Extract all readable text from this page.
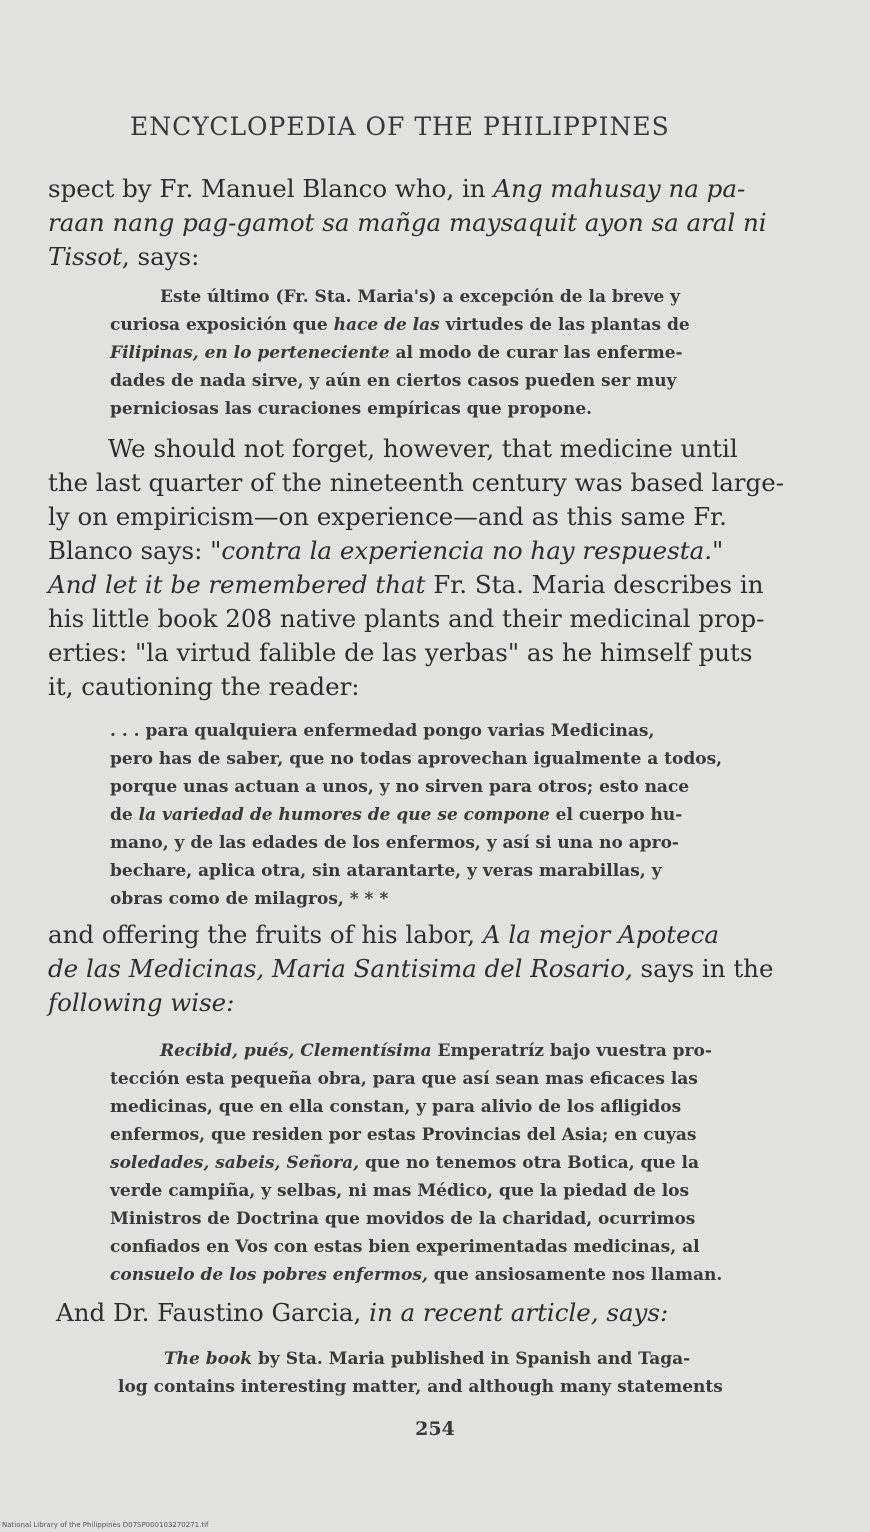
ENCYCLOPEDIA OF THE PHILIPPINES
spect by Fr. Manuel Blanco who, in Ang mahusay na pa-
raan nang pag-gamot sa mañga maysaquit ayon sa aral ni
Tissot, says:
Este último (Fr. Sta. Maria's) a excepción de la breve y
curiosa exposición que hace de las virtudes de las plantas de
Filipinas, en lo perteneciente al modo de curar las enferme-
dades de nada sirve, y aún en ciertos casos pueden ser muy
perniciosas las curaciones empíricas que propone.
We should not forget, however, that medicine until
the last quarter of the nineteenth century was based large-
ly on empiricism—on experience—and as this same Fr.
Blanco says: "contra la experiencia no hay respuesta."
And let it be remembered that Fr. Sta. Maria describes in
his little book 208 native plants and their medicinal prop-
erties: "la virtud falible de las yerbas" as he himself puts
it, cautioning the reader:
. . . para qualquiera enfermedad pongo varias Medicinas,
pero has de saber, que no todas aprovechan igualmente a todos,
porque unas actuan a unos, y no sirven para otros; esto nace
de la variedad de humores de que se compone el cuerpo hu-
mano, y de las edades de los enfermos, y así si una no apro-
bechare, aplica otra, sin atarantarte, y veras marabillas, y
obras como de milagros, * * *
and offering the fruits of his labor, A la mejor Apoteca
de las Medicinas, Maria Santisima del Rosario, says in the
following wise:
Recibid, pués, Clementísima Emperatríz bajo vuestra pro-
tección esta pequeña obra, para que así sean mas eficaces las
medicinas, que en ella constan, y para alivio de los afligidos
enfermos, que residen por estas Provincias del Asia; en cuyas
soledades, sabeis, Señora, que no tenemos otra Botica, que la
verde campiña, y selbas, ni mas Médico, que la piedad de los
Ministros de Doctrina que movidos de la charidad, ocurrimos
confiados en Vos con estas bien experimentadas medicinas, al
consuelo de los pobres enfermos, que ansiosamente nos llaman.
And Dr. Faustino Garcia, in a recent article, says:
The book by Sta. Maria published in Spanish and Taga-
log contains interesting matter, and although many statements
254
National Library of the Philippines D07SP000103270271.tif
